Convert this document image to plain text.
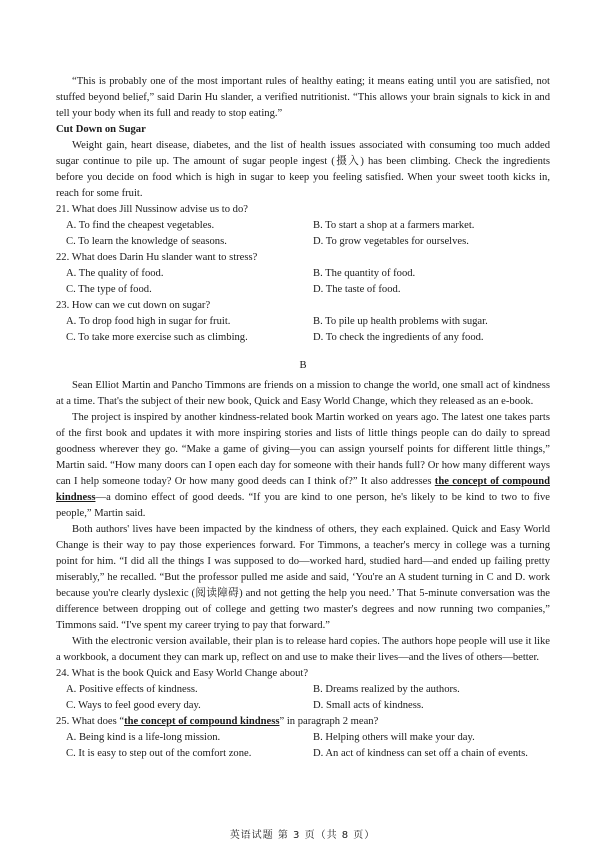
“This is probably one of the most important rules of healthy eating; it means eating until you are satisfied, not stuffed beyond belief,” said Darin Hu slander, a verified nutritionist. “This allows your brain signals to kick in and tell your body when its full and ready to stop eating.”

Cut Down on Sugar

Weight gain, heart disease, diabetes, and the list of health issues associated with consuming too much added sugar continue to pile up. The amount of sugar people ingest (摄入) has been climbing. Check the ingredients before you decide on food which is high in sugar to keep you feeling satisfied. When your sweet tooth kicks in, reach for some fruit.

21. What does Jill Nussinow advise us to do?
A. To find the cheapest vegetables.	B. To start a shop at a farmers market.
C. To learn the knowledge of seasons.	D. To grow vegetables for ourselves.
22. What does Darin Hu slander want to stress?
A. The quality of food.	B. The quantity of food.
C. The type of food.	D. The taste of food.
23. How can we cut down on sugar?
A. To drop food high in sugar for fruit.	B. To pile up health problems with sugar.
C. To take more exercise such as climbing.	D. To check the ingredients of any food.
B

Sean Elliot Martin and Pancho Timmons are friends on a mission to change the world, one small act of kindness at a time. That's the subject of their new book, Quick and Easy World Change, which they released as an e-book.

The project is inspired by another kindness-related book Martin worked on years ago. The latest one takes parts of the first book and updates it with more inspiring stories and lists of little things people can do daily to spread goodness wherever they go. “Make a game of giving—you can assign yourself points for different little things,” Martin said. “How many doors can I open each day for someone with their hands full? Or how many different ways can I help someone today? Or how many good deeds can I think of?” It also addresses the concept of compound kindness—a domino effect of good deeds. “If you are kind to one person, he's likely to be kind to two to five people,” Martin said.

Both authors' lives have been impacted by the kindness of others, they each explained. Quick and Easy World Change is their way to pay those experiences forward. For Timmons, a teacher's mercy in college was a turning point for him. “I did all the things I was supposed to do—worked hard, studied hard—and ended up failing pretty miserably,” he recalled. “But the professor pulled me aside and said, ‘You're an A student turning in C and D. work because you're clearly dyslexic (阅读障碍) and not getting the help you need.’ That 5-minute conversation was the difference between dropping out of college and getting two master's degrees and now running two companies,” Timmons said. “I've spent my career trying to pay that forward.”

With the electronic version available, their plan is to release hard copies. The authors hope people will use it like a workbook, a document they can mark up, reflect on and use to make their lives—and the lives of others—better.

24. What is the book Quick and Easy World Change about?
A. Positive effects of kindness.	B. Dreams realized by the authors.
C. Ways to feel good every day.	D. Small acts of kindness.
25. What does “the concept of compound kindness” in paragraph 2 mean?
A. Being kind is a life-long mission.	B. Helping others will make your day.
C. It is easy to step out of the comfort zone.	D. An act of kindness can set off a chain of events.
英语试题 第 3 页（共 8 页）
